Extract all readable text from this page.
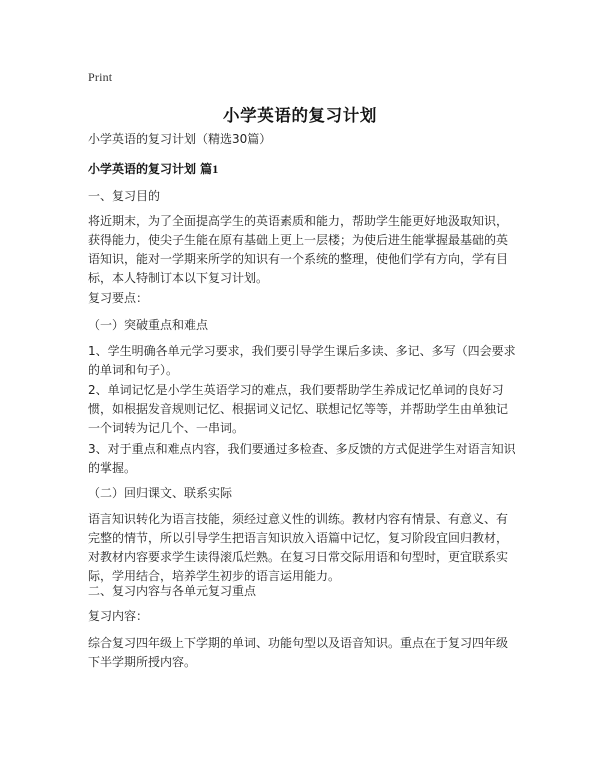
Print
小学英语的复习计划
小学英语的复习计划（精选30篇）
小学英语的复习计划 篇1
一、复习目的
将近期末，为了全面提高学生的英语素质和能力，帮助学生能更好地汲取知识，获得能力，使尖子生能在原有基础上更上一层楼；为使后进生能掌握最基础的英语知识，能对一学期来所学的知识有一个系统的整理，使他们学有方向，学有目标，本人特制订本以下复习计划。
复习要点：
（一）突破重点和难点
1、学生明确各单元学习要求，我们要引导学生课后多读、多记、多写（四会要求的单词和句子）。
2、单词记忆是小学生英语学习的难点，我们要帮助学生养成记忆单词的良好习惯，如根据发音规则记忆、根据词义记忆、联想记忆等等，并帮助学生由单独记一个词转为记几个、一串词。
3、对于重点和难点内容，我们要通过多检查、多反馈的方式促进学生对语言知识的掌握。
（二）回归课文、联系实际
语言知识转化为语言技能，须经过意义性的训练。教材内容有情景、有意义、有完整的情节，所以引导学生把语言知识放入语篇中记忆，复习阶段宜回归教材，对教材内容要求学生读得滚瓜烂熟。在复习日常交际用语和句型时，更宜联系实际，学用结合，培养学生初步的语言运用能力。
二、复习内容与各单元复习重点
复习内容：
综合复习四年级上下学期的单词、功能句型以及语音知识。重点在于复习四年级下半学期所授内容。
